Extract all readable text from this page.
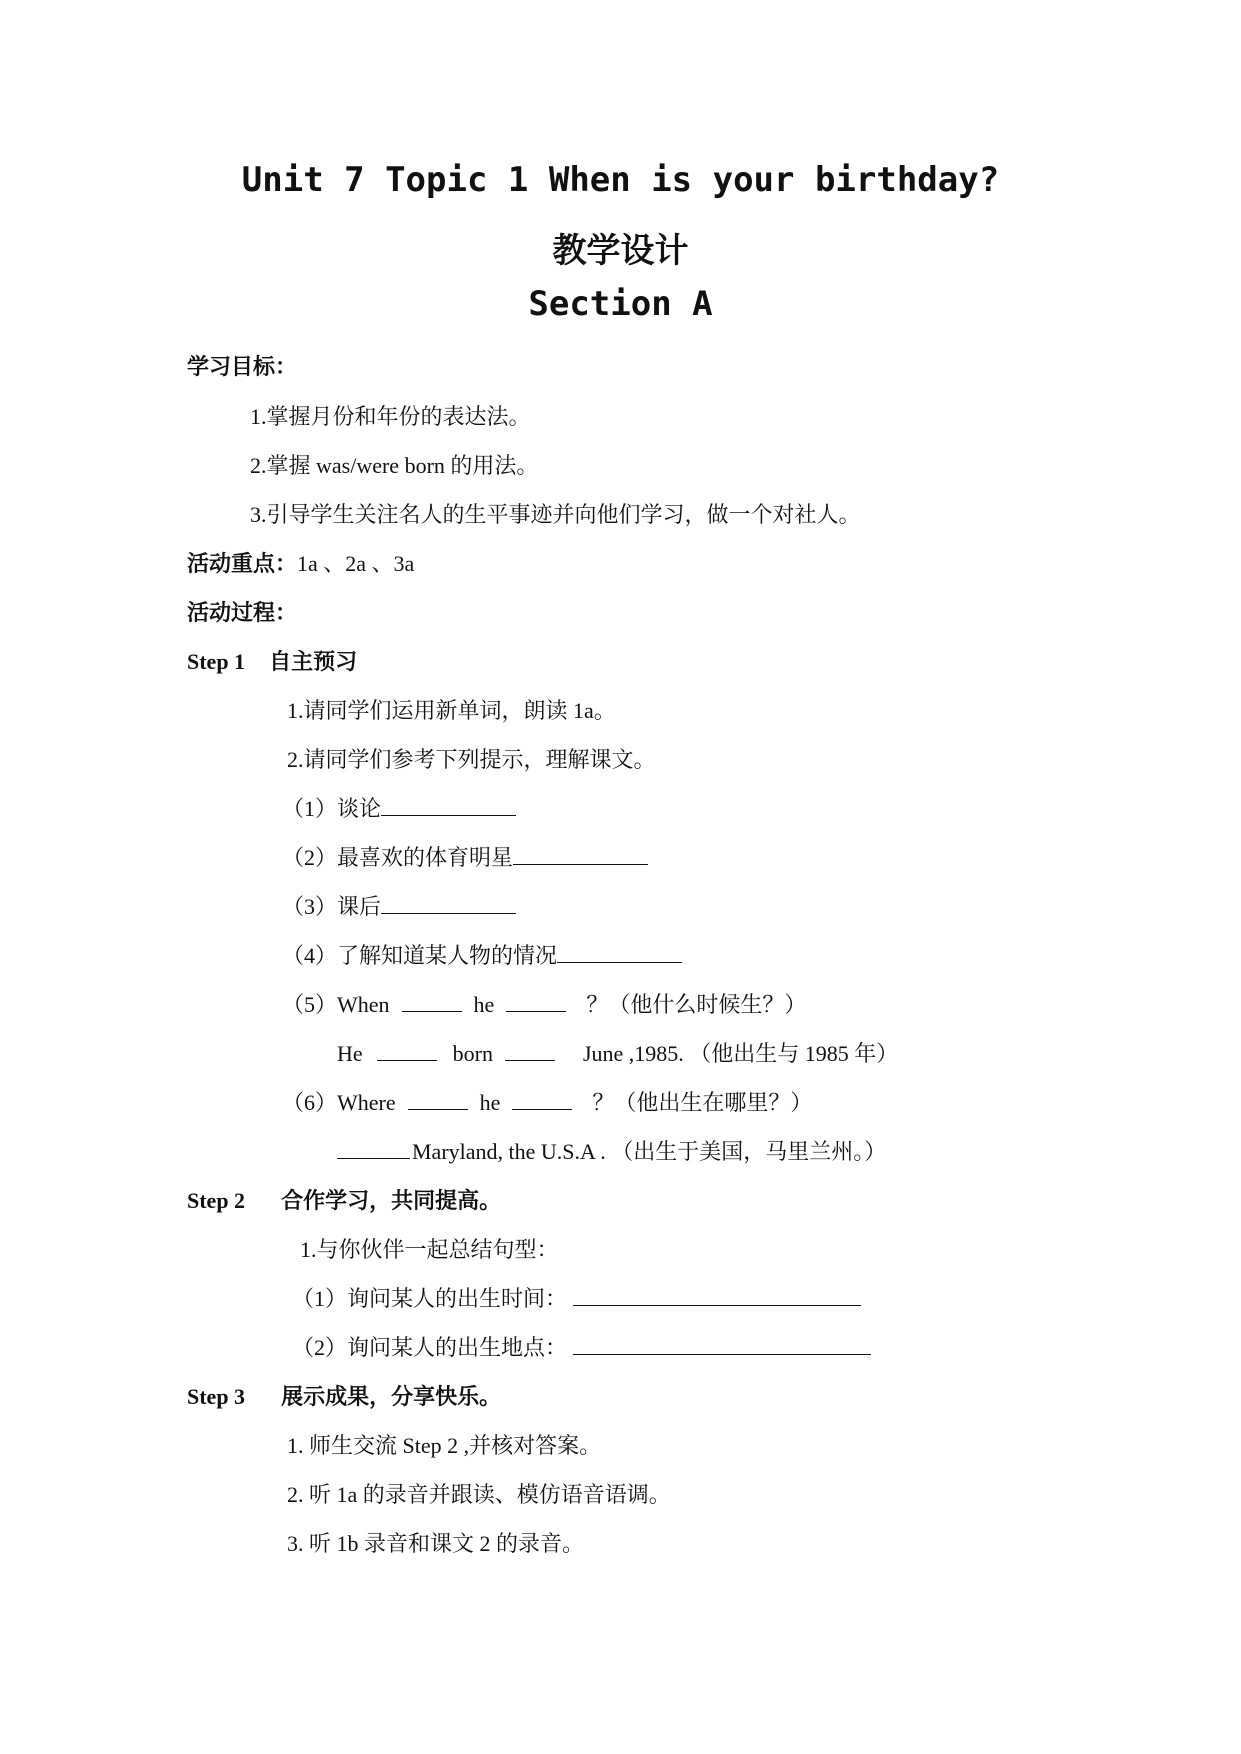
Unit 7 Topic 1 When is your birthday?
教学设计
Section A
学习目标：
1.掌握月份和年份的表达法。
2.掌握 was/were born 的用法。
3.引导学生关注名人的生平事迹并向他们学习，做一个对社人。
活动重点：1a 、2a 、3a
活动过程：
Step 1 自主预习
1.请同学们运用新单词，朗读 1a。
2.请同学们参考下列提示，理解课文。
（1）谈论
（2）最喜欢的体育明星
（3）课后
（4）了解知道某人物的情况
（5）When	he	？（他什么时候生？）
He	born	June ,1985. （他出生与 1985 年）
（6）Where	he	？（他出生在哪里？）
Maryland, the U.S.A . （出生于美国，马里兰州。）
Step 2 合作学习，共同提高。
1.与你伙伴一起总结句型：
（1）询问某人的出生时间：
（2）询问某人的出生地点：
Step 3 展示成果，分享快乐。
1. 师生交流 Step 2 ,并核对答案。
2. 听 1a 的录音并跟读、模仿语音语调。
3. 听 1b 录音和课文 2 的录音。
